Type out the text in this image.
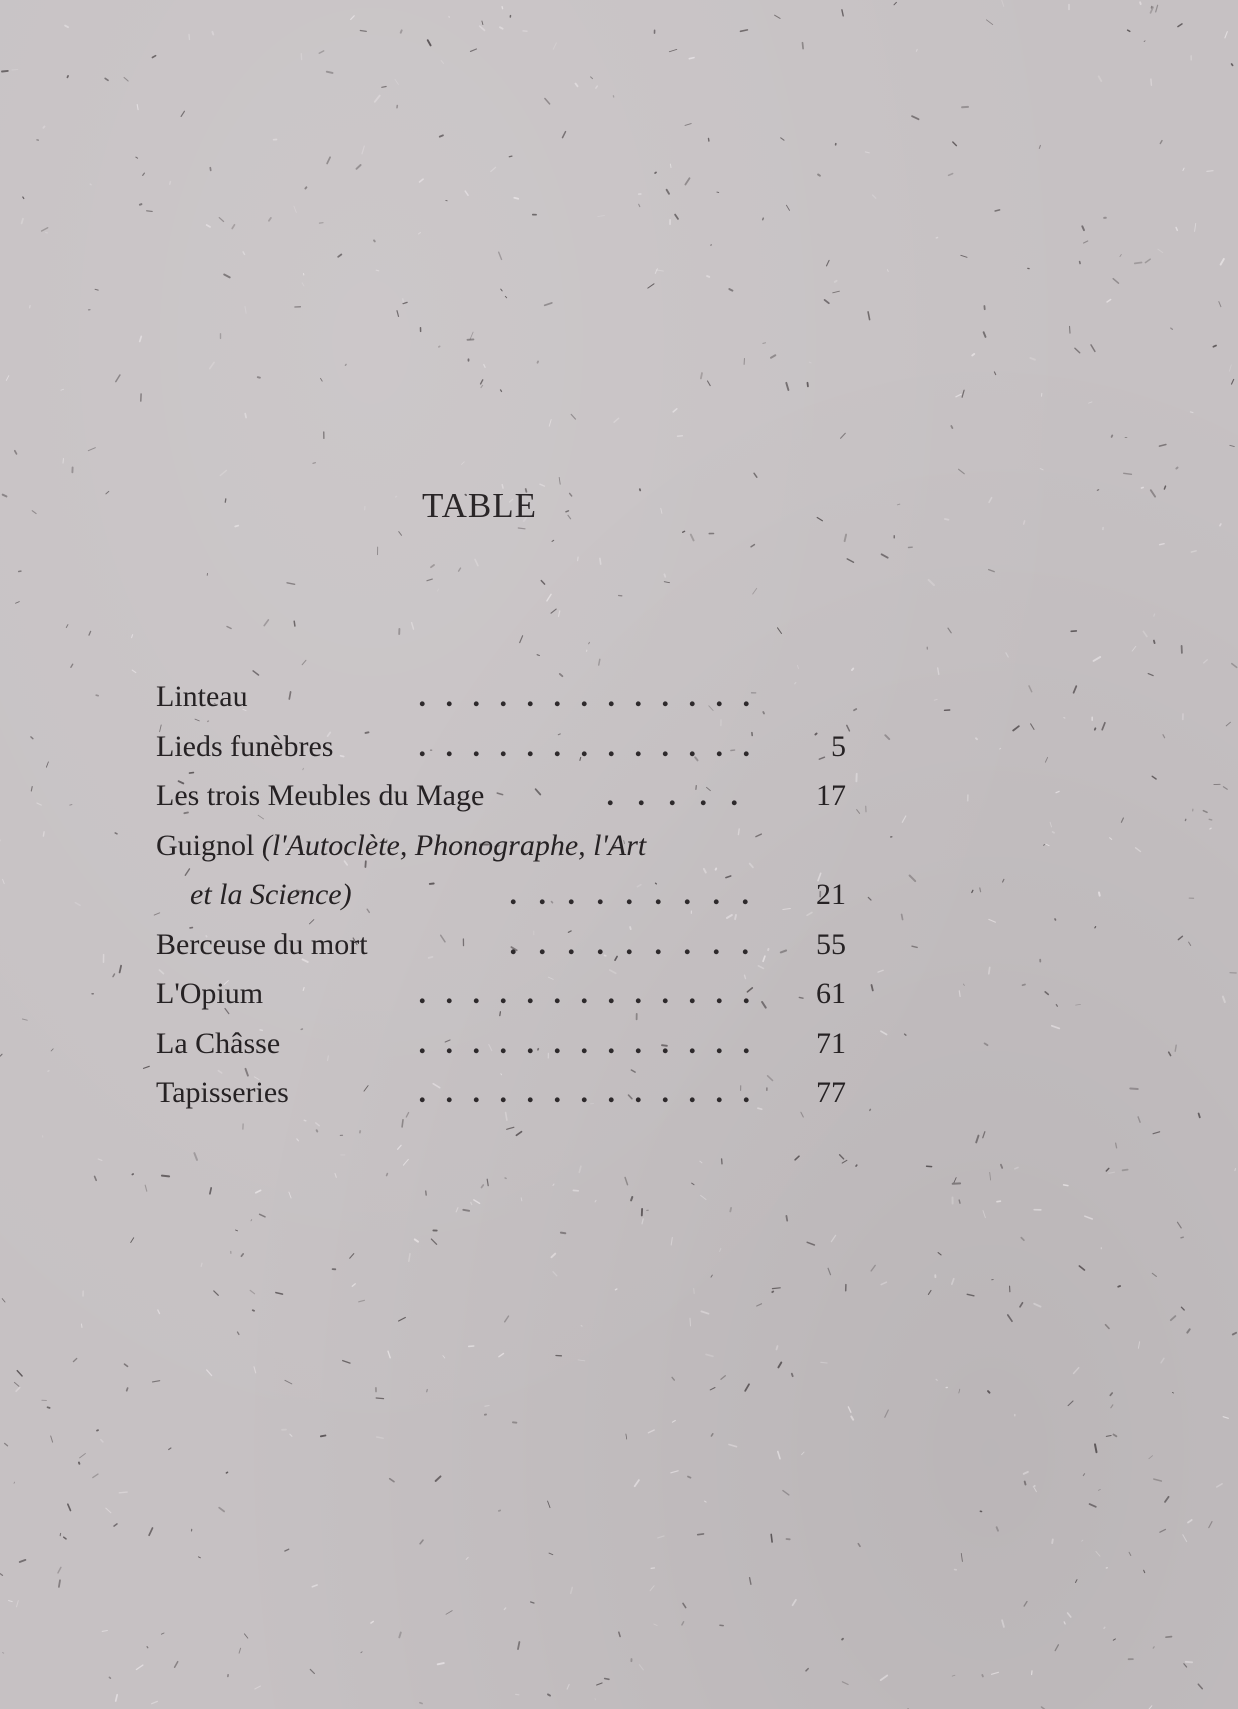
TABLE
Linteau	. . . . . . . . . . . . .
Lieds funèbres	. . . . . . . . . . . . .	5
Les trois Meubles du Mage	. . . . .	17
Guignol (l'Autoclète, Phonographe, l'Art
et la Science)	. . . . . . . . .	21
Berceuse du mort	. . . . . . . . .	55
L'Opium	. . . . . . . . . . . . .	61
La Châsse	. . . . . . . . . . . . .	71
Tapisseries	. . . . . . . . . . . . .	77
